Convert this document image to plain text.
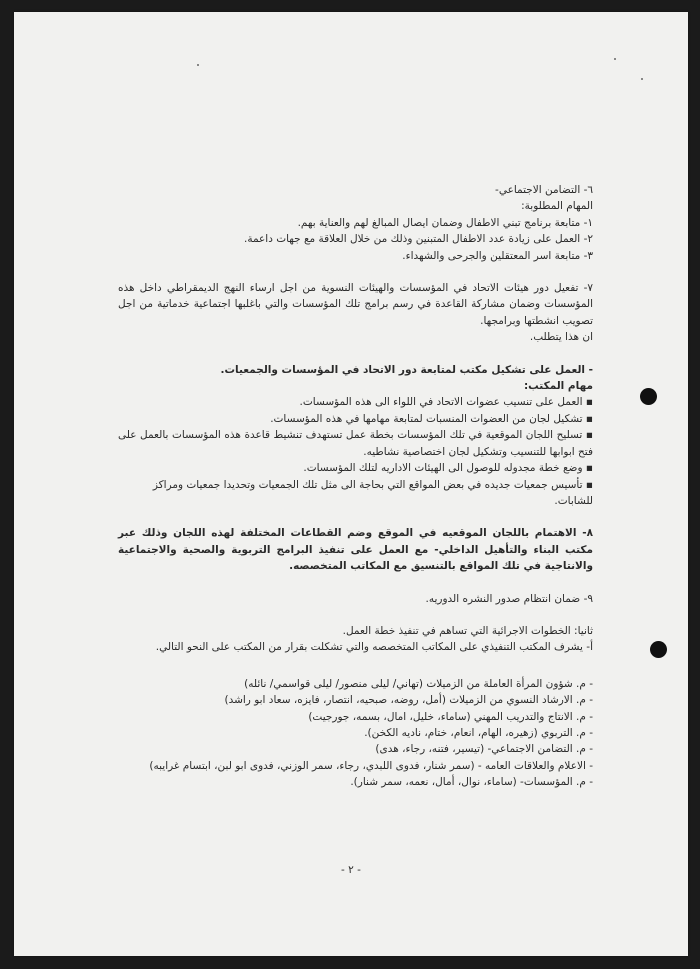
٦- التضامن الاجتماعي-

المهام المطلوبة:

١- متابعة برنامج تبني الاطفال وضمان ايصال المبالغ لهم والعناية بهم.

٢- العمل على زيادة عدد الاطفال المتبنين وذلك من خلال العلاقة مع جهات داعمة.

٣- متابعة اسر المعتقلين والجرحى والشهداء.

٧- تفعيل دور هيئات الاتحاد في المؤسسات والهيئات النسوية من اجل ارساء النهج الديمقراطي داخل هذه المؤسسات وضمان مشاركة القاعدة في رسم برامج تلك المؤسسات والتي باغلبها اجتماعية خدماتية من اجل تصويب انشطتها وبرامجها.

ان هذا يتطلب.

- العمل على تشكيل مكتب لمتابعة دور الاتحاد في المؤسسات والجمعيات.

مهام المكتب:

▪ العمل على تنسيب عضوات الاتحاد في اللواء الى هذه المؤسسات.

▪ تشكيل لجان من العضوات المنسبات لمتابعة مهامها في هذه المؤسسات.

▪ تسليح اللجان الموقعية في تلك المؤسسات بخطة عمل تستهدف تنشيط قاعدة هذه المؤسسات بالعمل على فتح ابوابها للتنسيب وتشكيل لجان اختصاصية نشاطيه.

▪ وضع خطة مجدوله للوصول الى الهيئات الاداريه لتلك المؤسسات.

▪ تأسيس جمعيات جديده في بعض المواقع التي بحاجة الى مثل تلك الجمعيات وتحديدا جمعيات ومراكز للشابات.

٨- الاهتمام باللجان الموقعيه في الموقع وضم القطاعات المختلفة لهذه اللجان وذلك عبر مكتب البناء والتأهيل الداخلي- مع العمل على تنفيذ البرامج التربوية والصحية والاجتماعية والانتاجية في تلك المواقع بالتنسيق مع المكاتب المتخصصه.

٩- ضمان انتظام صدور النشره الدوريه.

ثانيا: الخطوات الاجرائية التي تساهم في تنفيذ خطة العمل.

أ- يشرف المكتب التنفيذي على المكاتب المتخصصه والتي تشكلت بقرار من المكتب على النحو التالي.

- م. شؤون المرأة العاملة من الزميلات (تهاني/ ليلى منصور/ ليلى قواسمي/ نائله)

- م. الارشاد النسوي من الزميلات (أمل، روضه، صبحيه، انتصار، فايزه، سعاد ابو راشد)

- م. الانتاج والتدريب المهني (ساماء، خليل، امال، بسمه، جورجيت)

- م. التربوي (زهيره، الهام، انعام، ختام، ناديه الكخن).

- م. التضامن الاجتماعي- (تيسير، فتنه، رجاء، هدى)

- الاعلام والعلاقات العامه - (سمر شنار، فدوى اللبدي، رجاء، سمر الوزني، فدوى ابو لبن، ابتسام غرايبه)

- م. المؤسسات- (ساماء، نوال، أمال، نعمه، سمر شنار).

- ٢ -
